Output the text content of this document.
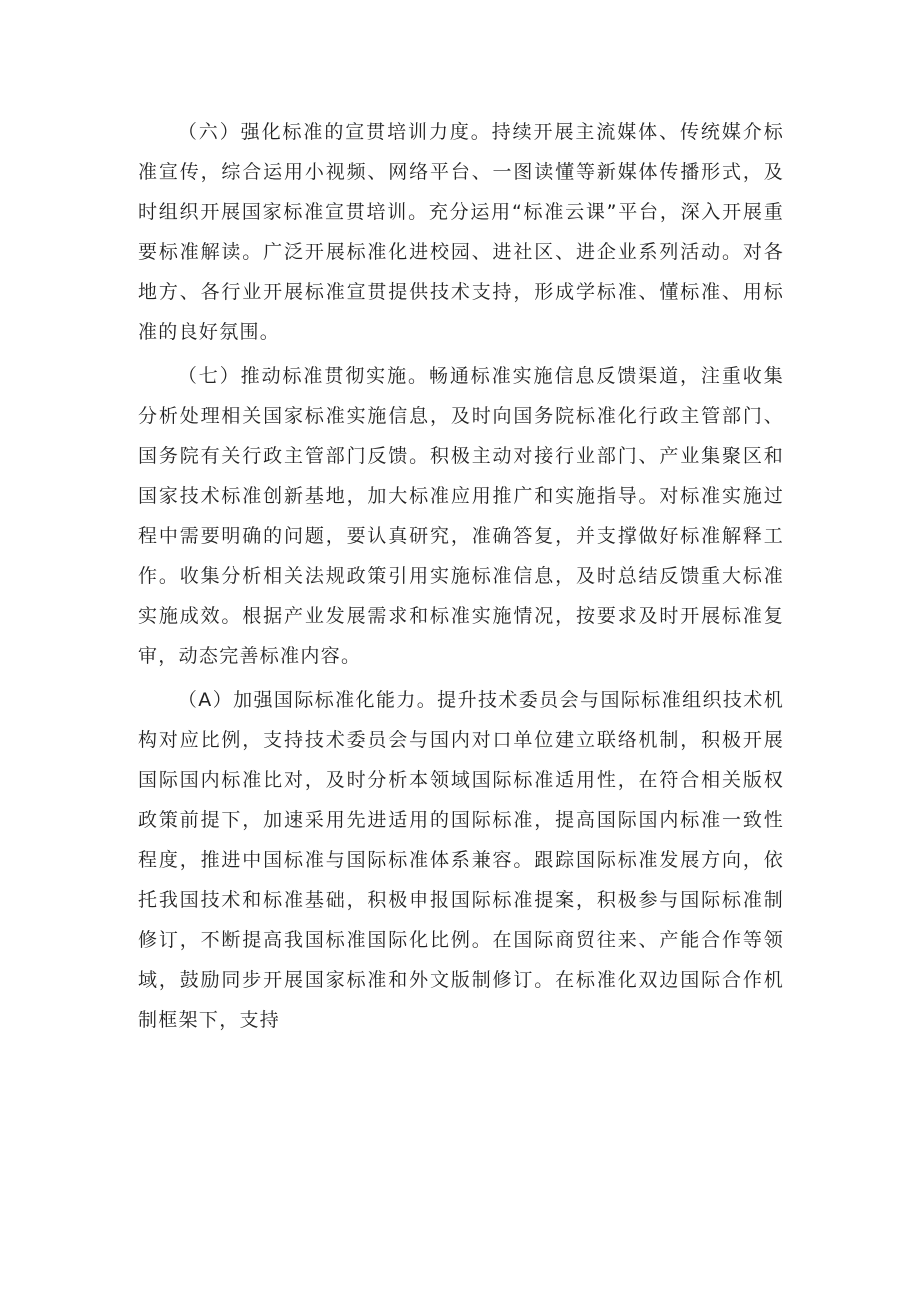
（六）强化标准的宣贯培训力度。持续开展主流媒体、传统媒介标准宣传，综合运用小视频、网络平台、一图读懂等新媒体传播形式，及时组织开展国家标准宣贯培训。充分运用“标准云课”平台，深入开展重要标准解读。广泛开展标准化进校园、进社区、进企业系列活动。对各地方、各行业开展标准宣贯提供技术支持，形成学标准、懂标准、用标准的良好氛围。

（七）推动标准贯彻实施。畅通标准实施信息反馈渠道，注重收集分析处理相关国家标准实施信息，及时向国务院标准化行政主管部门、国务院有关行政主管部门反馈。积极主动对接行业部门、产业集聚区和国家技术标准创新基地，加大标准应用推广和实施指导。对标准实施过程中需要明确的问题，要认真研究，准确答复，并支撑做好标准解释工作。收集分析相关法规政策引用实施标准信息，及时总结反馈重大标准实施成效。根据产业发展需求和标准实施情况，按要求及时开展标准复审，动态完善标准内容。

（A）加强国际标准化能力。提升技术委员会与国际标准组织技术机构对应比例，支持技术委员会与国内对口单位建立联络机制，积极开展国际国内标准比对，及时分析本领域国际标准适用性，在符合相关版权政策前提下，加速采用先进适用的国际标准，提高国际国内标准一致性程度，推进中国标准与国际标准体系兼容。跟踪国际标准发展方向，依托我国技术和标准基础，积极申报国际标准提案，积极参与国际标准制修订，不断提高我国标准国际化比例。在国际商贸往来、产能合作等领域，鼓励同步开展国家标准和外文版制修订。在标准化双边国际合作机制框架下，支持
